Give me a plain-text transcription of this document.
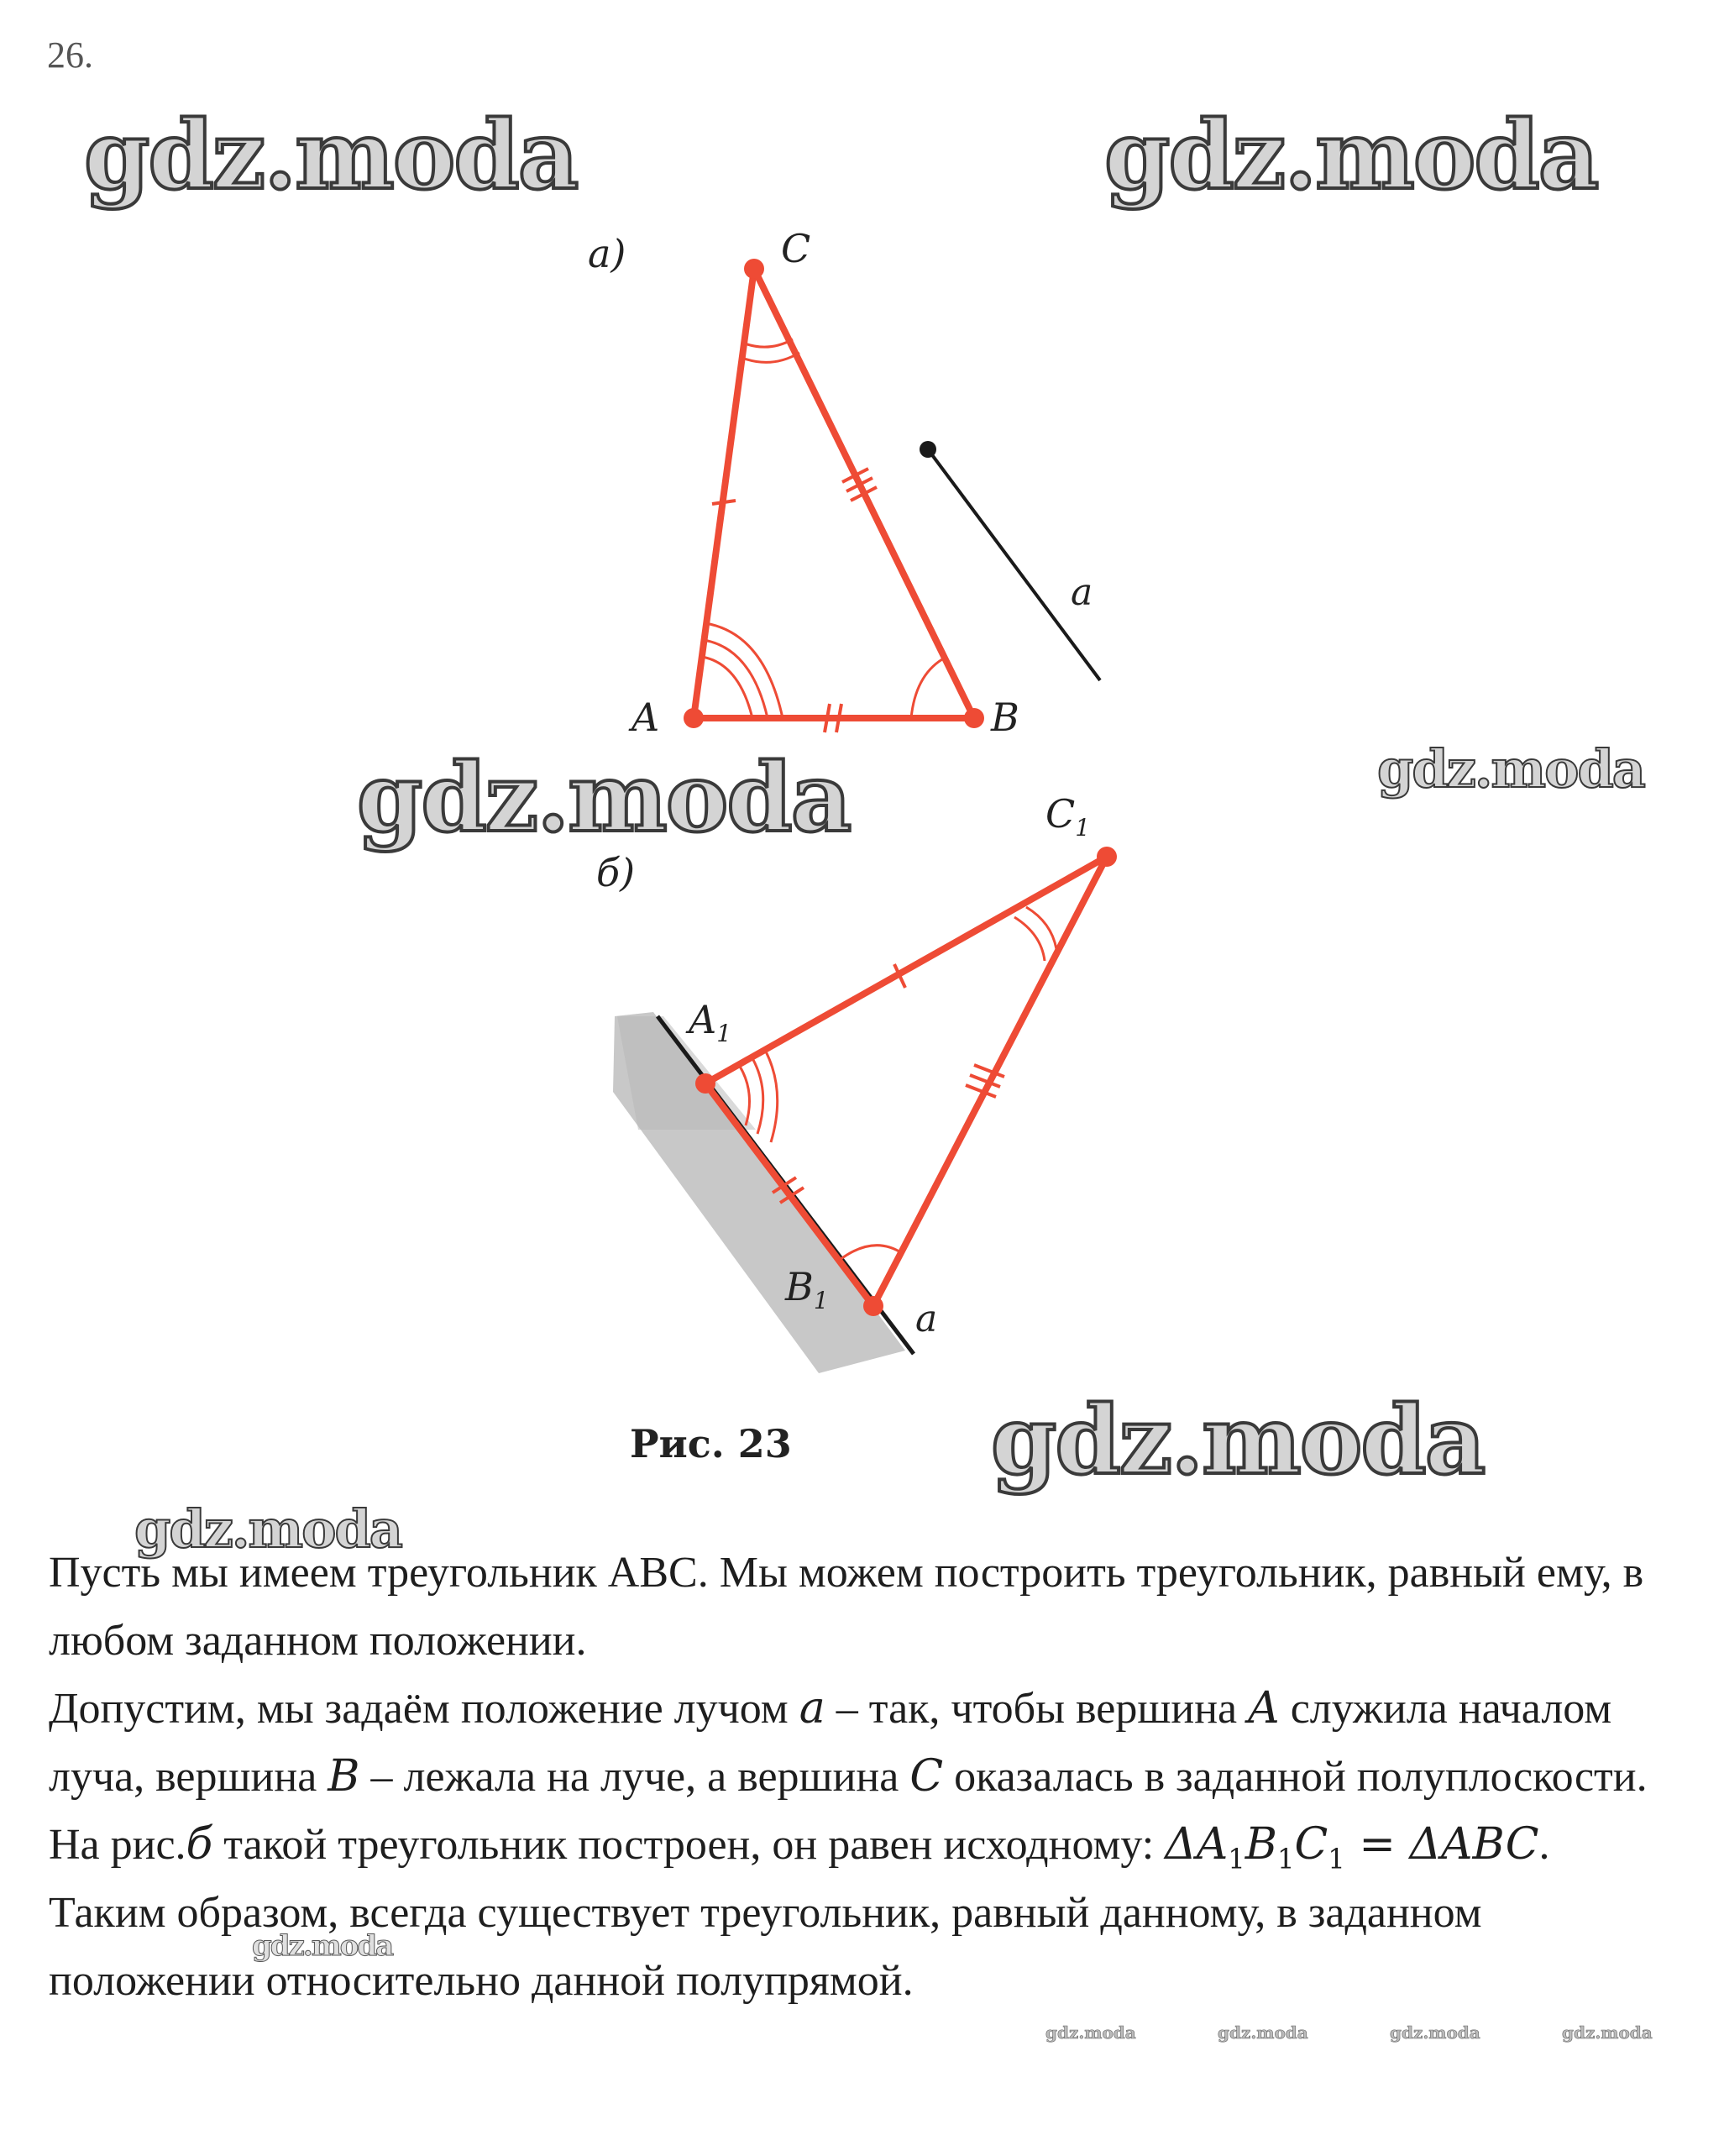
26.
gdz.moda	gdz.moda
gdz.moda	gdz.moda
gdz.moda
gdz.moda
gdz.moda
gdz.moda	gdz.moda	gdz.moda	gdz.moda
а)
a
A	B
C
б)
a
$A_1$
$B_1$
$C_1$
Рис. 23

Пусть мы имеем треугольник ABC. Мы можем построить треугольник, равный ему, в любом заданном положении.

Допустим, мы задаём положение лучом a – так, чтобы вершина A служила началом луча, вершина B – лежала на луче, а вершина C оказалась в заданной полуплоскости.

На рис.б такой треугольник построен, он равен исходному: $\Delta A_1B_1C_1 = \Delta ABC$.

Таким образом, всегда существует треугольник, равный данному, в заданном положении относительно данной полупрямой.
